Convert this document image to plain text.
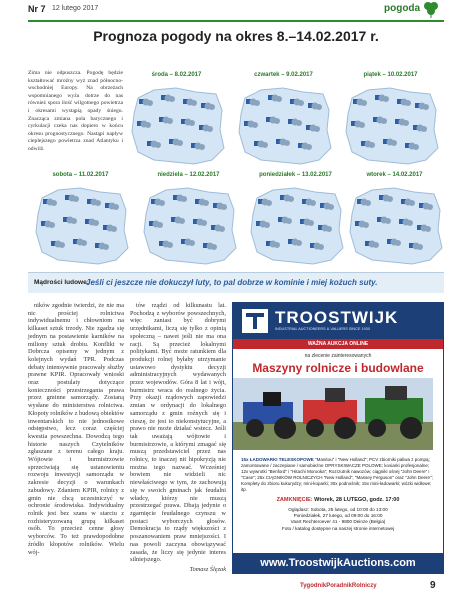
Nr 7 12 lutego 2017	pogoda
Prognoza pogody na okres 8.–14.02.2017 r.
Zima nie odpuszcza. Pogodę będzie kształtować mroźny wyż znad północno-wschodniej Europy. Na obrzeżach wspomnianego wyżu dotrze do nas również spora ilość wilgotnego powietrza i okresami wystąpią opady śniegu. Znacząca zmiana pola barycznego i cyrkulacji czeka nas dopiero w końcu okresu prognostycznego. Nastąpi napływ cieplejszego powietrza znad Atlantyku i odwilż.
środa – 8.02.2017	czwartek – 9.02.2017	piątek – 10.02.2017
sobota – 11.02.2017	niedziela – 12.02.2017	poniedziałek – 13.02.2017	wtorek – 14.02.2017
Mądrości ludowe:
Jeśli ci jeszcze nie dokuczył luty, to pal dobrze w kominie i miej kożuch suty.

ników zgodnie twierdzi, że nie ma nic prościej rolnictwa indywidualnemu i chłowniom na kilkaset sztuk trzody. Nie zgadza się jednym na postawienie karników na miliony sztuk drobiu. Konflikt w Dobrcza opisemy w jednym z kolejnych wydań TPR. Podczas debaty intensywnie pracowały służby prawne KPIR. Opracowały wnioski oraz postulaty dotyczące konieczności przestrzegania prawa przez gminne samorządy. Zostaną wysłane do ministerstwa rolnictwa. Kłopoty rolników z budową obiektów inwentarskich to nie jednostkowe odstępstwo, lecz coraz częściej kwestia powszechna. Dowodzą tego historie naszych Czytelników zgłaszane z terenu całego kraju. Wójtowie i burmistrzowie sprzeciwiają się ustanowieniu rozwoju inwestycji samorządu w zakresie decyzji o warunkach zabudowy. Zdaniem KPIR, rolnicy z gmin nie chcą uczestniczyć w ochronie środowiska. Indywidualny rolnik jest bez szans w starciu z rozhisteryzowaną grupą kilkaset osób. To przecież cenne głosy wyborców. To też prawdopodobne źródło kłopotów rolników. Wielu wój-

tów rządzi od kilkunastu lat. Pochodzą z wyborów powszechnych, więc zaniast być dobrymi urzędnikami, liczą się tylko z opinią społeczną – nawet jeśli nie ma ona racji. Są przecież lokalnymi politykami. Być może ratunkiem dla produkcji rolnej byłaby utrzymanie ustawowo dystyktu decyzji administracyjnych wydawanych przez wojewodów. Góra 8 lat i wójt, burmistrz wraca do realnego życia. Przy okazji rządowych zapowiedzi zmian w ordynacji do lokalnego samorządu z gmin roźnych się i cieszę, że jest to niekonstytucyjne, a prawo nie może działać wstecz. Jeśli tak uważają wójtowie i burmistrzowie, a którymi zmagać się muszą przedstawiciel przez nas rolnicy, to inaczej nit hipokryzją nie można tego nazwać. Wcześniej bowiem nie widzieli nic niewłaściwego w tym, że zachowują się w swoich gminach jak feudalni władcy, którzy nie muszą przestrzegać prawa. Dbają jedynie o zgarnięcie feudalnego czynszu w postaci wyborczych głosów. Demokracja to rządy większości z poszanowaniem praw mniejszości. I nas powoli zaczyna obowiązywać zasada, że liczy się jedynie interes silniejszego.

Tomasz Ślęzak
TROOSTWIJK
INDUSTRIAL AUCTIONEERS & VALUERS SINCE 1930
WAŻNA AUKCJA ONLINE
na zlecenie zainteresowanych
Maszyny rolnicze i budowlane
15x ŁADOWARKI TELESKOPOWE "Manitou" i "New Holland"; PCV zbiorniki paliwa z pompą; zamontowane / zaczepiane / samobieżne OPRYSKIWACZE POLOWE; kosiarki profesjonalne; 12x wywrotki "Benford" i "Hitachi Morooka"; Rozrzutnik nawozów; ciągniki ośnej "John Deere" i "Case"; 25x CIĄGNIKÓW ROLNICZYCH "New Holland", "Massey Ferguson" oraz "John Deere"; Komplety do zbioru kukurydzy; mini-koparki; 30x podnośnik; 15x mini-ładowarki; wózki widłowe; itp.
ZAMKNIĘCIE: Wtorek, 28 LUTEGO, godz. 17:00
Oglądasz: Sobota, 25 lutego, od 10:00 do 13:00
Poniedziałek, 27 lutego, od 09:00 do 16:00
Vaart Rechteroever 41 - 9800 Deinze (Belgia)
Foto / katalog dostępne na naszej stronie internetowej
www.TroostwijkAuctions.com
TygodnikPoradnikRolniczy	9
